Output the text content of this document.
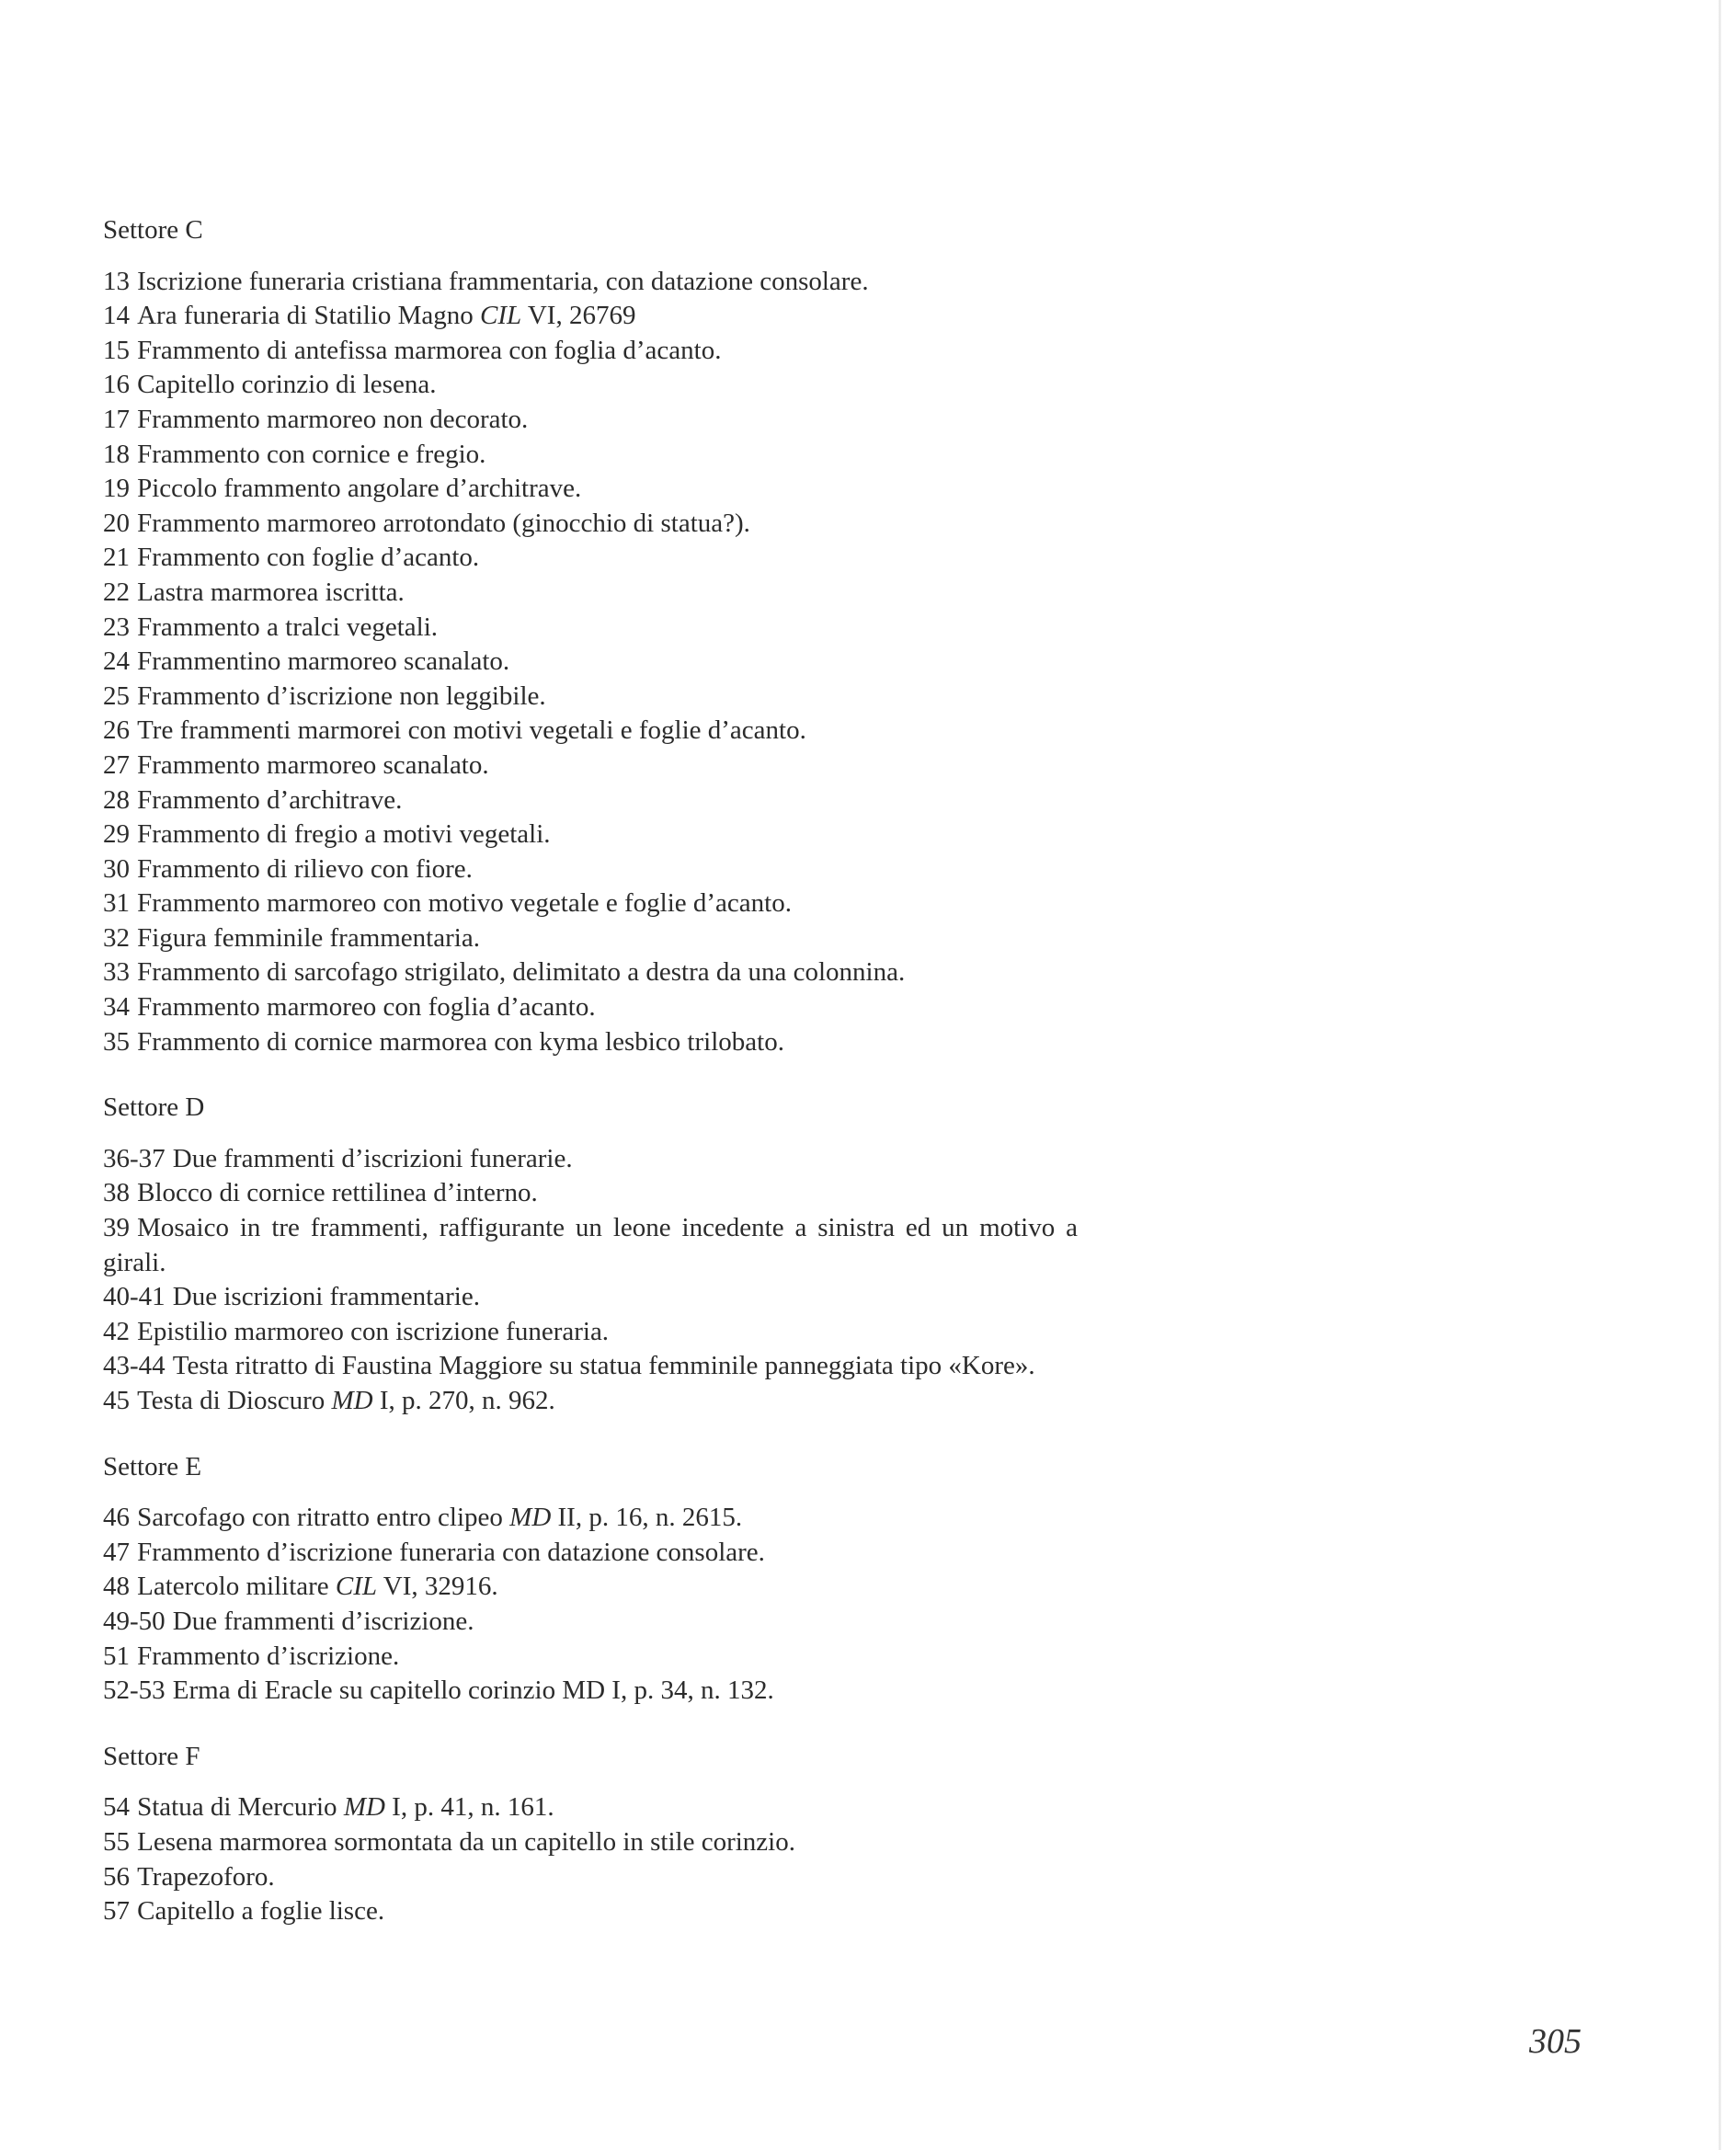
Settore C

13 Iscrizione funeraria cristiana frammentaria, con datazione consolare.

14 Ara funeraria di Statilio Magno CIL VI, 26769

15 Frammento di antefissa marmorea con foglia d’acanto.

16 Capitello corinzio di lesena.

17 Frammento marmoreo non decorato.

18 Frammento con cornice e fregio.

19 Piccolo frammento angolare d’architrave.

20 Frammento marmoreo arrotondato (ginocchio di statua?).

21 Frammento con foglie d’acanto.

22 Lastra marmorea iscritta.

23 Frammento a tralci vegetali.

24 Frammentino marmoreo scanalato.

25 Frammento d’iscrizione non leggibile.

26 Tre frammenti marmorei con motivi vegetali e foglie d’acanto.

27 Frammento marmoreo scanalato.

28 Frammento d’architrave.

29 Frammento di fregio a motivi vegetali.

30 Frammento di rilievo con fiore.

31 Frammento marmoreo con motivo vegetale e foglie d’acanto.

32 Figura femminile frammentaria.

33 Frammento di sarcofago strigilato, delimitato a destra da una colonnina.

34 Frammento marmoreo con foglia d’acanto.

35 Frammento di cornice marmorea con kyma lesbico trilobato.

Settore D

36-37 Due frammenti d’iscrizioni funerarie.

38 Blocco di cornice rettilinea d’interno.

39 Mosaico in tre frammenti, raffigurante un leone incedente a sinistra ed un motivo a girali.

40-41 Due iscrizioni frammentarie.

42 Epistilio marmoreo con iscrizione funeraria.

43-44 Testa ritratto di Faustina Maggiore su statua femminile panneggiata tipo «Kore».

45 Testa di Dioscuro MD I, p. 270, n. 962.

Settore E

46 Sarcofago con ritratto entro clipeo MD II, p. 16, n. 2615.

47 Frammento d’iscrizione funeraria con datazione consolare.

48 Latercolo militare CIL VI, 32916.

49-50 Due frammenti d’iscrizione.

51 Frammento d’iscrizione.

52-53 Erma di Eracle su capitello corinzio MD I, p. 34, n. 132.

Settore F

54 Statua di Mercurio MD I, p. 41, n. 161.

55 Lesena marmorea sormontata da un capitello in stile corinzio.

56 Trapezoforo.

57 Capitello a foglie lisce.

305
